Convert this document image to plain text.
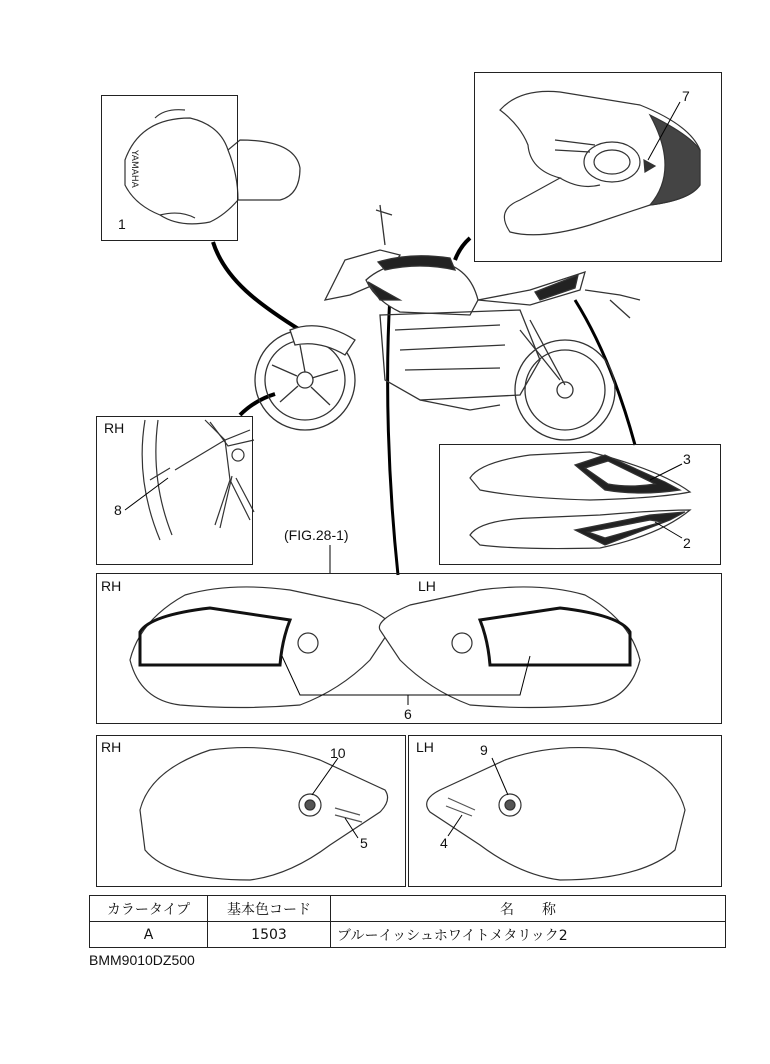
YAMAHA
1
7
8
3
2
6
10
5
9
4
RH
RH	LH
RH	LH
(FIG.28-1)
カラータイプ	基本色コード	名　　称
A	1503	ブルーイッシュホワイトメタリック2
BMM9010DZ500
